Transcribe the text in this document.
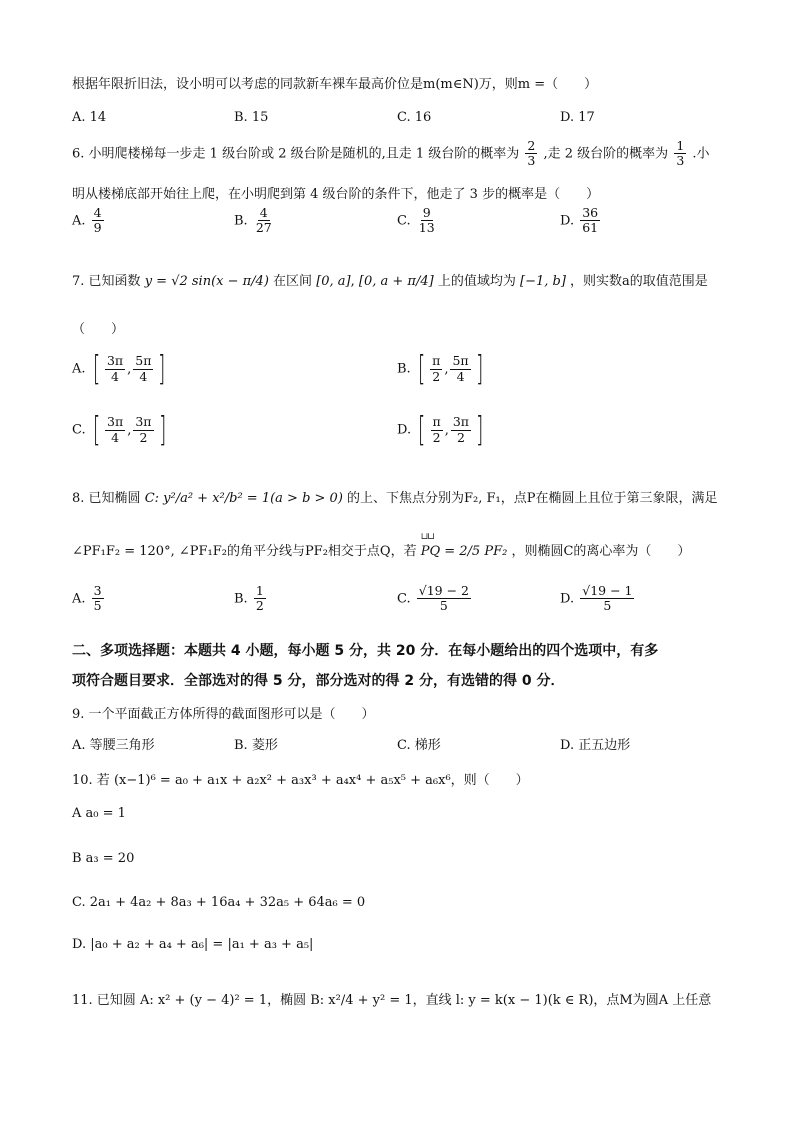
根据年限折旧法，设小明可以考虑的同款新车裸车最高价位是m(m∈N)万，则m =（　　）
A. 14	B. 15	C. 16	D. 17
6. 小明爬楼梯每一步走 1 级台阶或 2 级台阶是随机的,且走 1 级台阶的概率为 $\frac{2}{3}$ ,走 2 级台阶的概率为 $\frac{1}{3}$ .小
明从楼梯底部开始往上爬，在小明爬到第 4 级台阶的条件下，他走了 3 步的概率是（　　）
A. $\frac{4}{9}$	B. $\frac{4}{27}$	C. $\frac{9}{13}$	D. $\frac{36}{61}$
7. 已知函数 y = √2 sin(x − π/4) 在区间 [0, a], [0, a + π/4] 上的值域均为 [−1, b] ，则实数a的取值范围是
（　　）
A. [ $\frac{3\pi}{4}$ , $\frac{5\pi}{4}$ ]	B. [ $\frac{\pi}{2}$ , $\frac{5\pi}{4}$ ]
C. [ $\frac{3\pi}{4}$ , $\frac{3\pi}{2}$ ]	D. [ $\frac{\pi}{2}$ , $\frac{3\pi}{2}$ ]
8. 已知椭圆 C: y²/a² + x²/b² = 1(a > b > 0) 的上、下焦点分别为F₂, F₁，点P在椭圆上且位于第三象限，满足
∠PF₁F₂ = 120°, ∠PF₁F₂的角平分线与PF₂相交于点Q，若 ⊔⊔ PQ = 2/5 PF₂ ，则椭圆C的离心率为（　　）
A. $\frac{3}{5}$	B. $\frac{1}{2}$	C. $\frac{√19 - 2}{5}$	D. $\frac{√19 - 1}{5}$
二、多项选择题：本题共 4 小题，每小题 5 分，共 20 分．在每小题给出的四个选项中，有多
项符合题目要求．全部选对的得 5 分，部分选对的得 2 分，有选错的得 0 分．
9. 一个平面截正方体所得的截面图形可以是（　　）
A. 等腰三角形	B. 菱形	C. 梯形	D. 正五边形
10. 若 (x−1)⁶ = a₀ + a₁x + a₂x² + a₃x³ + a₄x⁴ + a₅x⁵ + a₆x⁶，则（　　）
A a₀ = 1
B a₃ = 20
C. 2a₁ + 4a₂ + 8a₃ + 16a₄ + 32a₅ + 64a₆ = 0
D. |a₀ + a₂ + a₄ + a₆| = |a₁ + a₃ + a₅|
11. 已知圆 A: x² + (y − 4)² = 1，椭圆 B: x²/4 + y² = 1，直线 l: y = k(x − 1)(k ∈ R)，点M为圆A 上任意
